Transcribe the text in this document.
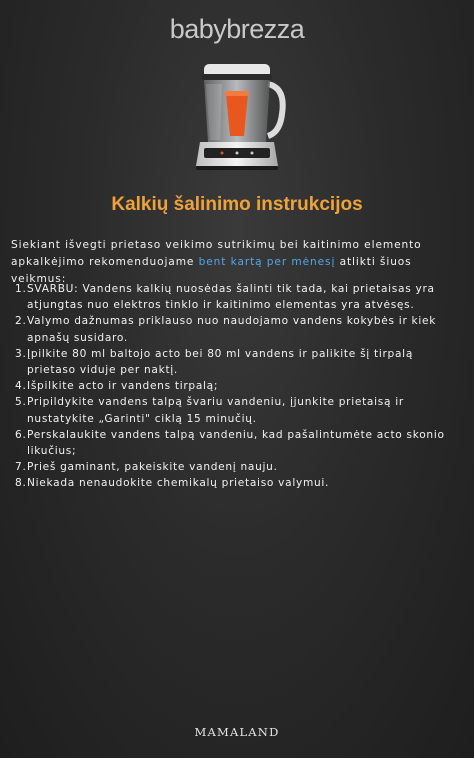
babybrezza
Kalkių šalinimo instrukcijos
Siekiant išvegti prietaso veikimo sutrikimų bei kaitinimo elemento apkalkėjimo rekomenduojame bent kartą per mėnesį atlikti šiuos veikmus:
1. SVARBU: Vandens kalkių nuosėdas šalinti tik tada, kai prietaisas yra atjungtas nuo elektros tinklo ir kaitinimo elementas yra atvėsęs.
2. Valymo dažnumas priklauso nuo naudojamo vandens kokybės ir kiek apnašų susidaro.
3. Įpilkite 80 ml baltojo acto bei 80 ml vandens ir palikite šį tirpalą prietaso viduje per naktį.
4. Išpilkite acto ir vandens tirpalą;
5. Pripildykite vandens talpą švariu vandeniu, įjunkite prietaisą ir nustatykite „Garinti" ciklą 15 minučių.
6. Perskalaukite vandens talpą vandeniu, kad pašalintumėte acto skonio likučius;
7. Prieš gaminant, pakeiskite vandenį nauju.
8. Niekada nenaudokite chemikalų prietaiso valymui.
MAMALAND
